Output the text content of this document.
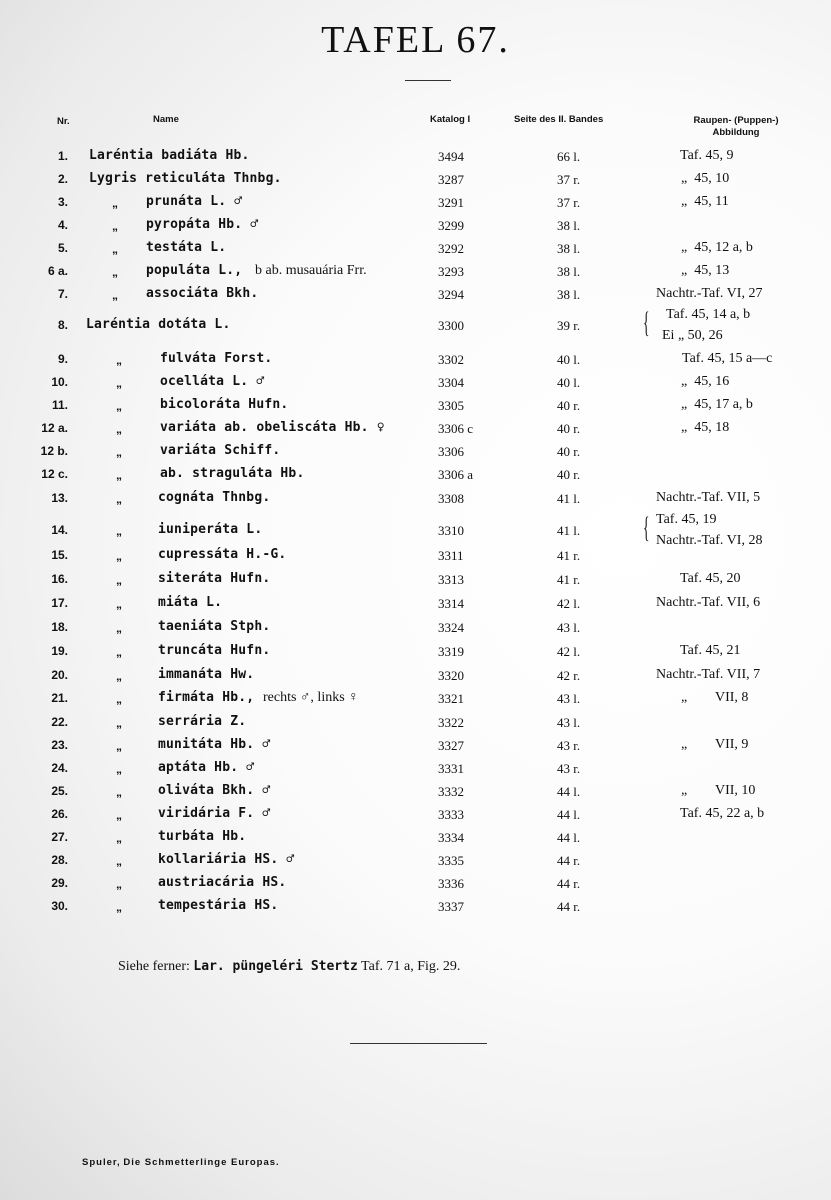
TAFEL 67.
Nr.	Name	Katalog I	Seite des II. Bandes	Raupen- (Puppen-)
Abbildung
1. Laréntia badiáta Hb.	3494	66 l.	Taf. 45, 9
2. Lygris reticuláta Thnbg.	3287	37 r.	„  45, 10
3.	„ prunáta L. ♂	3291	37 r.	„  45, 11
4.	„ pyropáta Hb. ♂	3299	38 l.
5.	„ testáta L.	3292	38 l.	„  45, 12 a, b
6 a.	„ populáta L., b ab. musauária Frr.	3293	38 l.	„  45, 13
7.	„ associáta Bkh.	3294	38 l.	Nachtr.-Taf. VI, 27
8. Laréntia dotáta L.	3300	39 r. { Taf. 45, 14 a, b
Ei „ 50, 26
9.	„	fulváta Forst.	3302	40 l.	Taf. 45, 15 a—c
10.	„	ocelláta L. ♂	3304	40 l.	„  45, 16
11.	„	bicoloráta Hufn.	3305	40 r.	„  45, 17 a, b
12 a.	„	variáta ab. obeliscáta Hb. ♀	3306 c	40 r.	„  45, 18
12 b.	„	variáta Schiff.	3306	40 r.
12 c.	„	ab. straguláta Hb.	3306 a	40 r.
13.	„	cognáta Thnbg.	3308	41 l.	Nachtr.-Taf. VII, 5
14.	„	iuniperáta L.	3310	41 l. { Taf. 45, 19
Nachtr.-Taf. VI, 28
15.	„	cupressáta H.-G.	3311	41 r.
16.	„	siteráta Hufn.	3313	41 r.	Taf. 45, 20
17.	„	miáta L.	3314	42 l.	Nachtr.-Taf. VII, 6
18.	„	taeniáta Stph.	3324	43 l.
19.	„	truncáta Hufn.	3319	42 l.	Taf. 45, 21
20.	„	immanáta Hw.	3320	42 r.	Nachtr.-Taf. VII, 7
21.	„	firmáta Hb., rechts ♂, links ♀	3321	43 l.	„        VII, 8
22.	„	serrária Z.	3322	43 l.
23.	„	munitáta Hb. ♂	3327	43 r.	„        VII, 9
24.	„	aptáta Hb. ♂	3331	43 r.
25.	„	oliváta Bkh. ♂	3332	44 l.	„        VII, 10
26.	„	viridária F. ♂	3333	44 l.	Taf. 45, 22 a, b
27.	„	turbáta Hb.	3334	44 l.
28.	„	kollariária HS. ♂	3335	44 r.
29.	„	austriacária HS.	3336	44 r.
30.	„	tempestária HS.	3337	44 r.
Siehe ferner: Lar. püngeléri Stertz Taf. 71 a, Fig. 29.
Spuler, Die Schmetterlinge Europas.
